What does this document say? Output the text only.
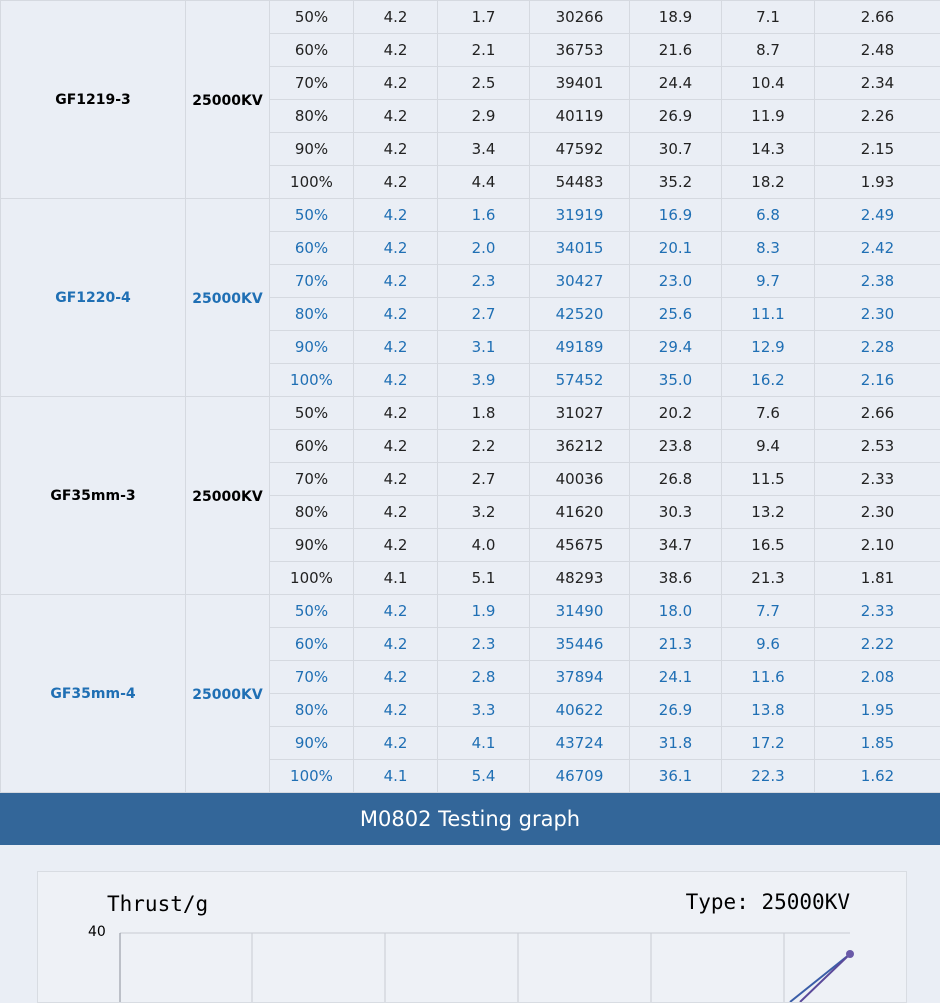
GF1219-3	25000KV	50%	4.2	1.7	30266	18.9	7.1	2.66
		60%	4.2	2.1	36753	21.6	8.7	2.48
		70%	4.2	2.5	39401	24.4	10.4	2.34
		80%	4.2	2.9	40119	26.9	11.9	2.26
		90%	4.2	3.4	47592	30.7	14.3	2.15
		100%	4.2	4.4	54483	35.2	18.2	1.93
GF1220-4	25000KV	50%	4.2	1.6	31919	16.9	6.8	2.49
		60%	4.2	2.0	34015	20.1	8.3	2.42
		70%	4.2	2.3	30427	23.0	9.7	2.38
		80%	4.2	2.7	42520	25.6	11.1	2.30
		90%	4.2	3.1	49189	29.4	12.9	2.28
		100%	4.2	3.9	57452	35.0	16.2	2.16
GF35mm-3	25000KV	50%	4.2	1.8	31027	20.2	7.6	2.66
		60%	4.2	2.2	36212	23.8	9.4	2.53
		70%	4.2	2.7	40036	26.8	11.5	2.33
		80%	4.2	3.2	41620	30.3	13.2	2.30
		90%	4.2	4.0	45675	34.7	16.5	2.10
		100%	4.1	5.1	48293	38.6	21.3	1.81
GF35mm-4	25000KV	50%	4.2	1.9	31490	18.0	7.7	2.33
		60%	4.2	2.3	35446	21.3	9.6	2.22
		70%	4.2	2.8	37894	24.1	11.6	2.08
		80%	4.2	3.3	40622	26.9	13.8	1.95
		90%	4.2	4.1	43724	31.8	17.2	1.85
		100%	4.1	5.4	46709	36.1	22.3	1.62
M0802 Testing graph
Thrust/g	Type: 25000KV
40
